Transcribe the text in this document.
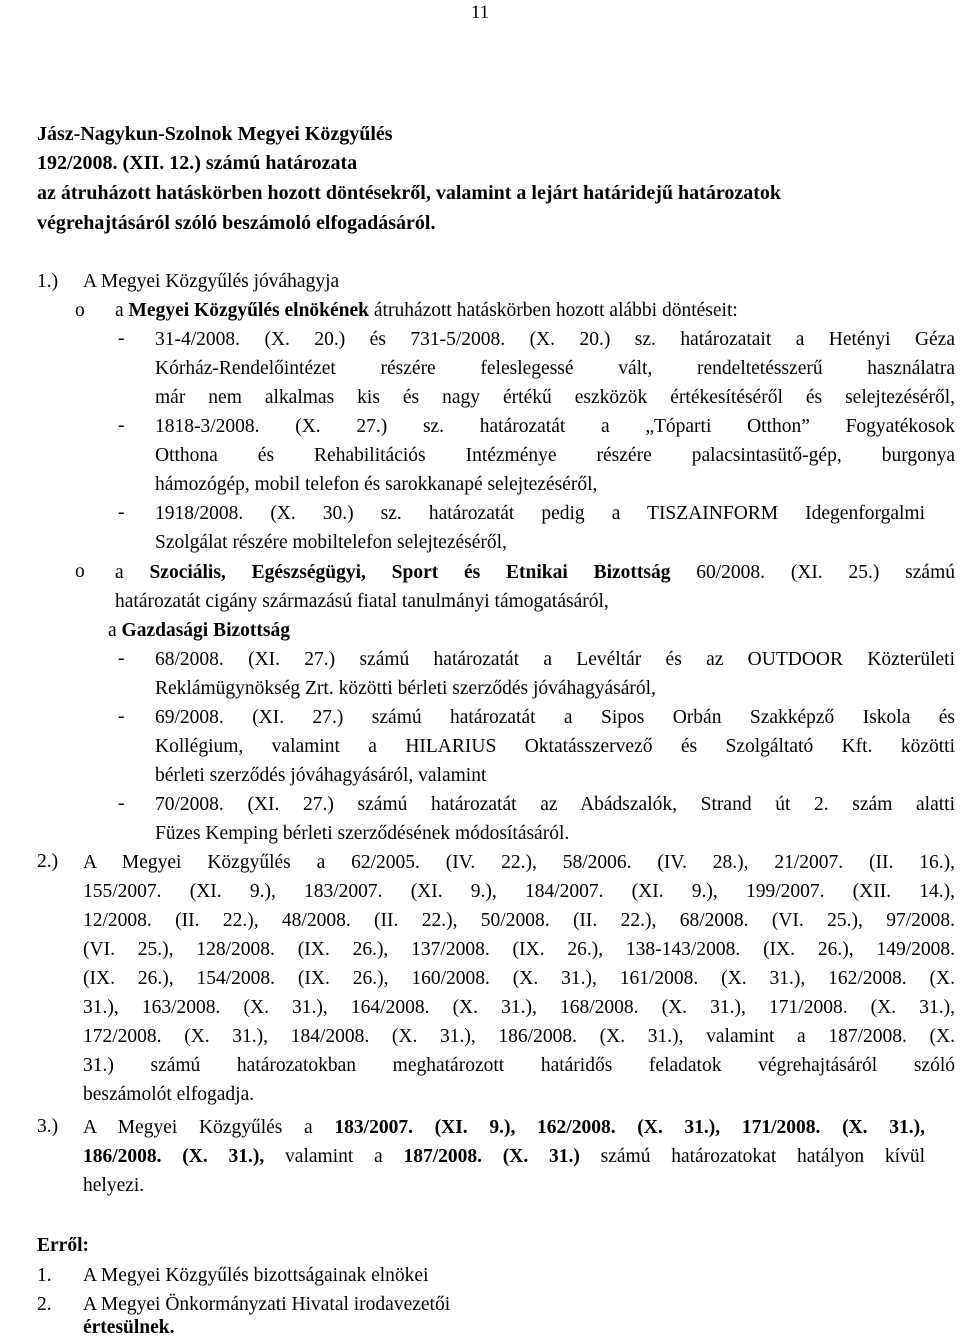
11
Jász-Nagykun-Szolnok Megyei Közgyűlés
192/2008. (XII. 12.) számú határozata
az átruházott hatáskörben hozott döntésekről, valamint a lejárt határidejű határozatok
végrehajtásáról szóló beszámoló elfogadásáról.
1.) A Megyei Közgyűlés jóváhagyja
o a Megyei Közgyűlés elnökének átruházott hatáskörben hozott alábbi döntéseit:
- 31-4/2008. (X. 20.) és 731-5/2008. (X. 20.) sz. határozatait a Hetényi Géza
Kórház-Rendelőintézet részére feleslegessé vált, rendeltetésszerű használatra
már nem alkalmas kis és nagy értékű eszközök értékesítéséről és selejtezéséről,
- 1818-3/2008. (X. 27.) sz. határozatát a „Tóparti Otthon” Fogyatékosok
Otthona és Rehabilitációs Intézménye részére palacsintasütő-gép, burgonya
hámozógép, mobil telefon és sarokkanapé selejtezéséről,
- 1918/2008. (X. 30.) sz. határozatát pedig a TISZAINFORM Idegenforgalmi
Szolgálat részére mobiltelefon selejtezéséről,
o a Szociális, Egészségügyi, Sport és Etnikai Bizottság 60/2008. (XI. 25.) számú
határozatát cigány származású fiatal tanulmányi támogatásáról,
a Gazdasági Bizottság
- 68/2008. (XI. 27.) számú határozatát a Levéltár és az OUTDOOR Közterületi
Reklámügynökség Zrt. közötti bérleti szerződés jóváhagyásáról,
- 69/2008. (XI. 27.) számú határozatát a Sipos Orbán Szakképző Iskola és
Kollégium, valamint a HILARIUS Oktatásszervező és Szolgáltató Kft. közötti
bérleti szerződés jóváhagyásáról, valamint
- 70/2008. (XI. 27.) számú határozatát az Abádszalók, Strand út 2. szám alatti
Füzes Kemping bérleti szerződésének módosításáról.
2.) A Megyei Közgyűlés a 62/2005. (IV. 22.), 58/2006. (IV. 28.), 21/2007. (II. 16.),
155/2007. (XI. 9.), 183/2007. (XI. 9.), 184/2007. (XI. 9.), 199/2007. (XII. 14.),
12/2008. (II. 22.), 48/2008. (II. 22.), 50/2008. (II. 22.), 68/2008. (VI. 25.), 97/2008.
(VI. 25.), 128/2008. (IX. 26.), 137/2008. (IX. 26.), 138-143/2008. (IX. 26.), 149/2008.
(IX. 26.), 154/2008. (IX. 26.), 160/2008. (X. 31.), 161/2008. (X. 31.), 162/2008. (X.
31.), 163/2008. (X. 31.), 164/2008. (X. 31.), 168/2008. (X. 31.), 171/2008. (X. 31.),
172/2008. (X. 31.), 184/2008. (X. 31.), 186/2008. (X. 31.), valamint a 187/2008. (X.
31.) számú határozatokban meghatározott határidős feladatok végrehajtásáról szóló
beszámolót elfogadja.
3.) A Megyei Közgyűlés a 183/2007. (XI. 9.), 162/2008. (X. 31.), 171/2008. (X. 31.),
186/2008. (X. 31.), valamint a 187/2008. (X. 31.) számú határozatokat hatályon kívül
helyezi.
Erről:
1. A Megyei Közgyűlés bizottságainak elnökei
2. A Megyei Önkormányzati Hivatal irodavezetői
értesülnek.
